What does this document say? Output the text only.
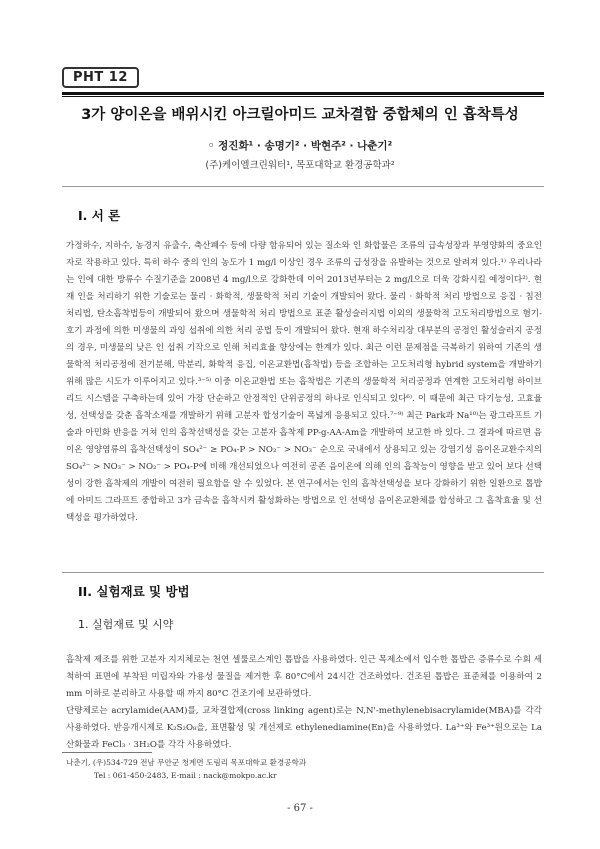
PHT 12
3가 양이온을 배위시킨 아크릴아미드 교차결합 중합체의 인 흡착특성
◦ 정진화¹ · 송명기² · 박현주² · 나춘기²
(주)케이엘크린워터¹, 목포대학교 환경공학과²
I. 서 론

가정하수, 지하수, 농경지 유출수, 축산폐수 등에 다량 함유되어 있는 질소와 인 화합물은 조류의 급속성장과 부영양화의 중요인자로 작용하고 있다. 특히 하수 중의 인의 농도가 1 mg/l 이상인 경우 조류의 급성장을 유발하는 것으로 알려져 있다.¹⁾ 우리나라는 인에 대한 방류수 수질기준을 2008년 4 mg/l으로 강화한데 이어 2013년부터는 2 mg/l으로 더욱 강화시킬 예정이다²⁾. 현재 인을 처리하기 위한 기술로는 물리 · 화학적, 생물학적 처리 기술이 개발되어 왔다. 물리 · 화학적 처리 방법으로 응집 · 침전 처리법, 탄소흡착법등이 개발되어 왔으며 생물학적 처리 방법으로 표준 활성슬러지법 이외의 생물학적 고도처리방법으로 혐기-호기 과정에 의한 미생물의 과잉 섭취에 의한 처리 공법 등이 개발되어 왔다. 현재 하수처리장 대부분의 공정인 활성슬러지 공정의 경우, 미생물의 낮은 인 섭취 기작으로 인해 처리효율 향상에는 한계가 있다. 최근 이런 문제점을 극복하기 위하여 기존의 생물학적 처리공정에 전기분해, 막분리, 화학적 응집, 이온교환법(흡착법) 등을 조합하는 고도처리형 hybrid system을 개발하기 위해 많은 시도가 이루어지고 있다.³⁻⁵⁾ 이중 이온교환법 또는 흡착법은 기존의 생물학적 처리공정과 연계한 고도처리형 하이브리드 시스템을 구축하는데 있어 가장 단순하고 안정적인 단위공정의 하나로 인식되고 있다⁶⁾. 이 때문에 최근 다기능성, 고효율성, 선택성을 갖춘 흡착소재를 개발하기 위해 고분자 합성기술이 폭넓게 응용되고 있다.⁷⁻⁹⁾ 최근 Park과 Na¹⁰⁾는 광그라프트 기술과 아민화 반응을 거쳐 인의 흡착선택성을 갖는 고분자 흡착제 PP-g-AA-Am을 개발하여 보고한 바 있다. 그 결과에 따르면 음이온 영양염류의 흡착선택성이 SO₄²⁻ ≥ PO₄-P > NO₂⁻ > NO₃⁻ 순으로 국내에서 상용되고 있는 강염기성 음이온교환수지의 SO₄²⁻ > NO₃⁻ > NO₂⁻ > PO₄-P에 비해 개선되었으나 여전히 공존 음이온에 의해 인의 흡착능이 영향을 받고 있어 보다 선택성이 강한 흡착제의 개발이 여전히 필요함을 알 수 있었다. 본 연구에서는 인의 흡착선택성을 보다 강화하기 위한 일환으로 톱밥에 아미드 그라프트 중합하고 3가 금속을 흡착시켜 활성화하는 방법으로 인 선택성 음이온교환체를 합성하고 그 흡착효율 및 선택성을 평가하였다.

II. 실험재료 및 방법
1. 실험재료 및 시약

흡착제 제조를 위한 고분자 지지체로는 천연 셀룰로스계인 톱밥을 사용하였다. 인근 목제소에서 입수한 톱밥은 증류수로 수회 세척하여 표면에 부착된 미립자와 가용성 물질을 제거한 후 80°C에서 24시간 건조하였다. 건조된 톱밥은 표준체를 이용하여 2 mm 이하로 분리하고 사용할 때 까지 80°C 건조기에 보관하였다.

단량체로는 acrylamide(AAM)를, 교차결합제(cross linking agent)로는 N,N'-methylenebisacrylamide(MBA)를 각각 사용하였다. 반응개시제로 K₂S₂O₈을, 표면활성 및 개선제로 ethylenediamine(En)을 사용하였다. La³⁺와 Fe³⁺원으로는 La산화물과 FeCl₃ · 3H₂O를 각각 사용하였다.

나춘기, (우)534-729 전남 무안군 청계면 도림리 목포대학교 환경공학과
Tel : 061-450-2483, E-mail : nack@mokpo.ac.kr
- 67 -
